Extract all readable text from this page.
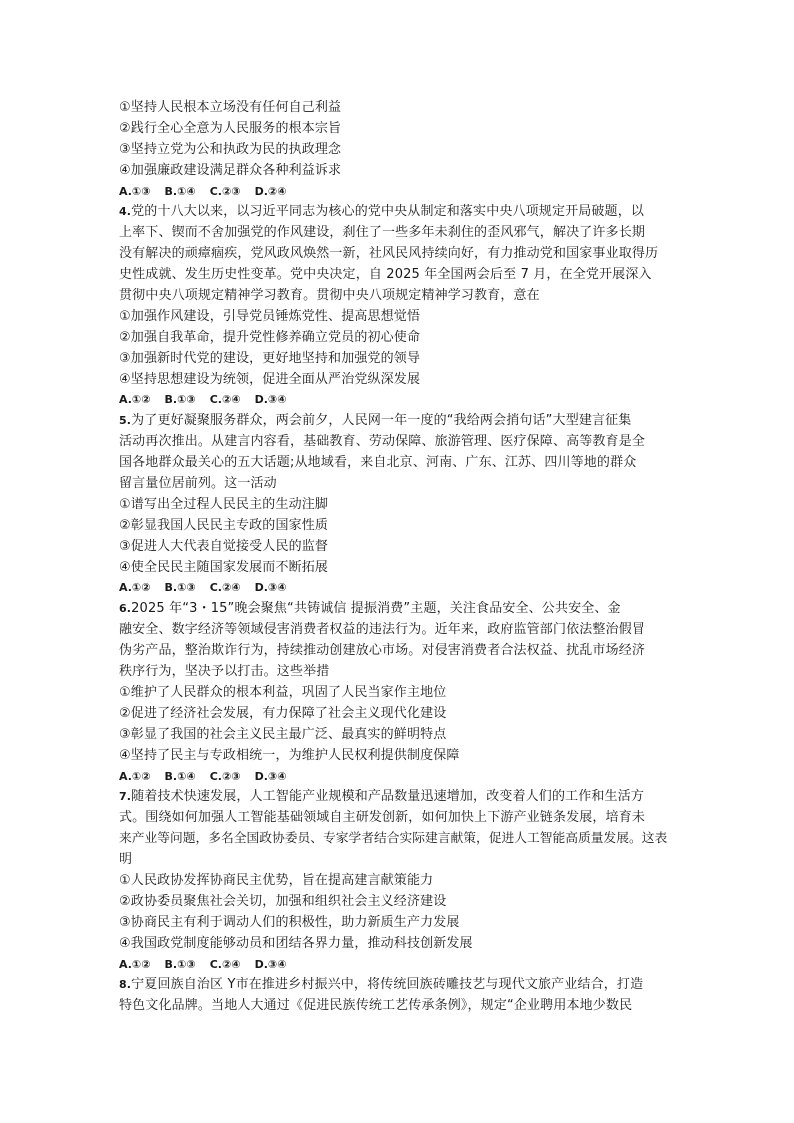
①坚持人民根本立场没有任何自己利益
②践行全心全意为人民服务的根本宗旨
③坚持立党为公和执政为民的执政理念
④加强廉政建设满足群众各种利益诉求
A.①③ B.①④ C.②③ D.②④
4.党的十八大以来，以习近平同志为核心的党中央从制定和落实中央八项规定开局破题，以
上率下、锲而不舍加强党的作风建设，刹住了一些多年未刹住的歪风邪气，解决了许多长期
没有解决的顽瘴痼疾，党风政风焕然一新，社风民风持续向好，有力推动党和国家事业取得历
史性成就、发生历史性变革。党中央决定，自 2025 年全国两会后至 7 月，在全党开展深入
贯彻中央八项规定精神学习教育。贯彻中央八项规定精神学习教育，意在
①加强作风建设，引导党员锤炼党性、提高思想觉悟
②加强自我革命，提升党性修养确立党员的初心使命
③加强新时代党的建设，更好地坚持和加强党的领导
④坚持思想建设为统领，促进全面从严治党纵深发展
A.①② B.①③ C.②④ D.③④
5.为了更好凝聚服务群众，两会前夕，人民网一年一度的“我给两会捎句话”大型建言征集
活动再次推出。从建言内容看，基础教育、劳动保障、旅游管理、医疗保障、高等教育是全
国各地群众最关心的五大话题;从地域看，来自北京、河南、广东、江苏、四川等地的群众
留言量位居前列。这一活动
①谱写出全过程人民民主的生动注脚
②彰显我国人民民主专政的国家性质
③促进人大代表自觉接受人民的监督
④使全民民主随国家发展而不断拓展
A.①② B.①③ C.②④ D.③④
6.2025 年“3・15”晚会聚焦“共铸诚信 提振消费”主题，关注食品安全、公共安全、金
融安全、数字经济等领域侵害消费者权益的违法行为。近年来，政府监管部门依法整治假冒
伪劣产品，整治欺诈行为，持续推动创建放心市场。对侵害消费者合法权益、扰乱市场经济
秩序行为，坚决予以打击。这些举措
①维护了人民群众的根本利益，巩固了人民当家作主地位
②促进了经济社会发展，有力保障了社会主义现代化建设
③彰显了我国的社会主义民主最广泛、最真实的鲜明特点
④坚持了民主与专政相统一，为维护人民权利提供制度保障
A.①② B.①④ C.②③ D.③④
7.随着技术快速发展，人工智能产业规模和产品数量迅速增加，改变着人们的工作和生活方
式。围绕如何加强人工智能基础领域自主研发创新，如何加快上下游产业链条发展，培育未
来产业等问题，多名全国政协委员、专家学者结合实际建言献策，促进人工智能高质量发展。这表
明
①人民政协发挥协商民主优势，旨在提高建言献策能力
②政协委员聚焦社会关切，加强和组织社会主义经济建设
③协商民主有利于调动人们的积极性，助力新质生产力发展
④我国政党制度能够动员和团结各界力量，推动科技创新发展
A.①② B.①③ C.②④ D.③④
8.宁夏回族自治区 Y市在推进乡村振兴中，将传统回族砖雕技艺与现代文旅产业结合，打造
特色文化品牌。当地人大通过《促进民族传统工艺传承条例》，规定“企业聘用本地少数民
